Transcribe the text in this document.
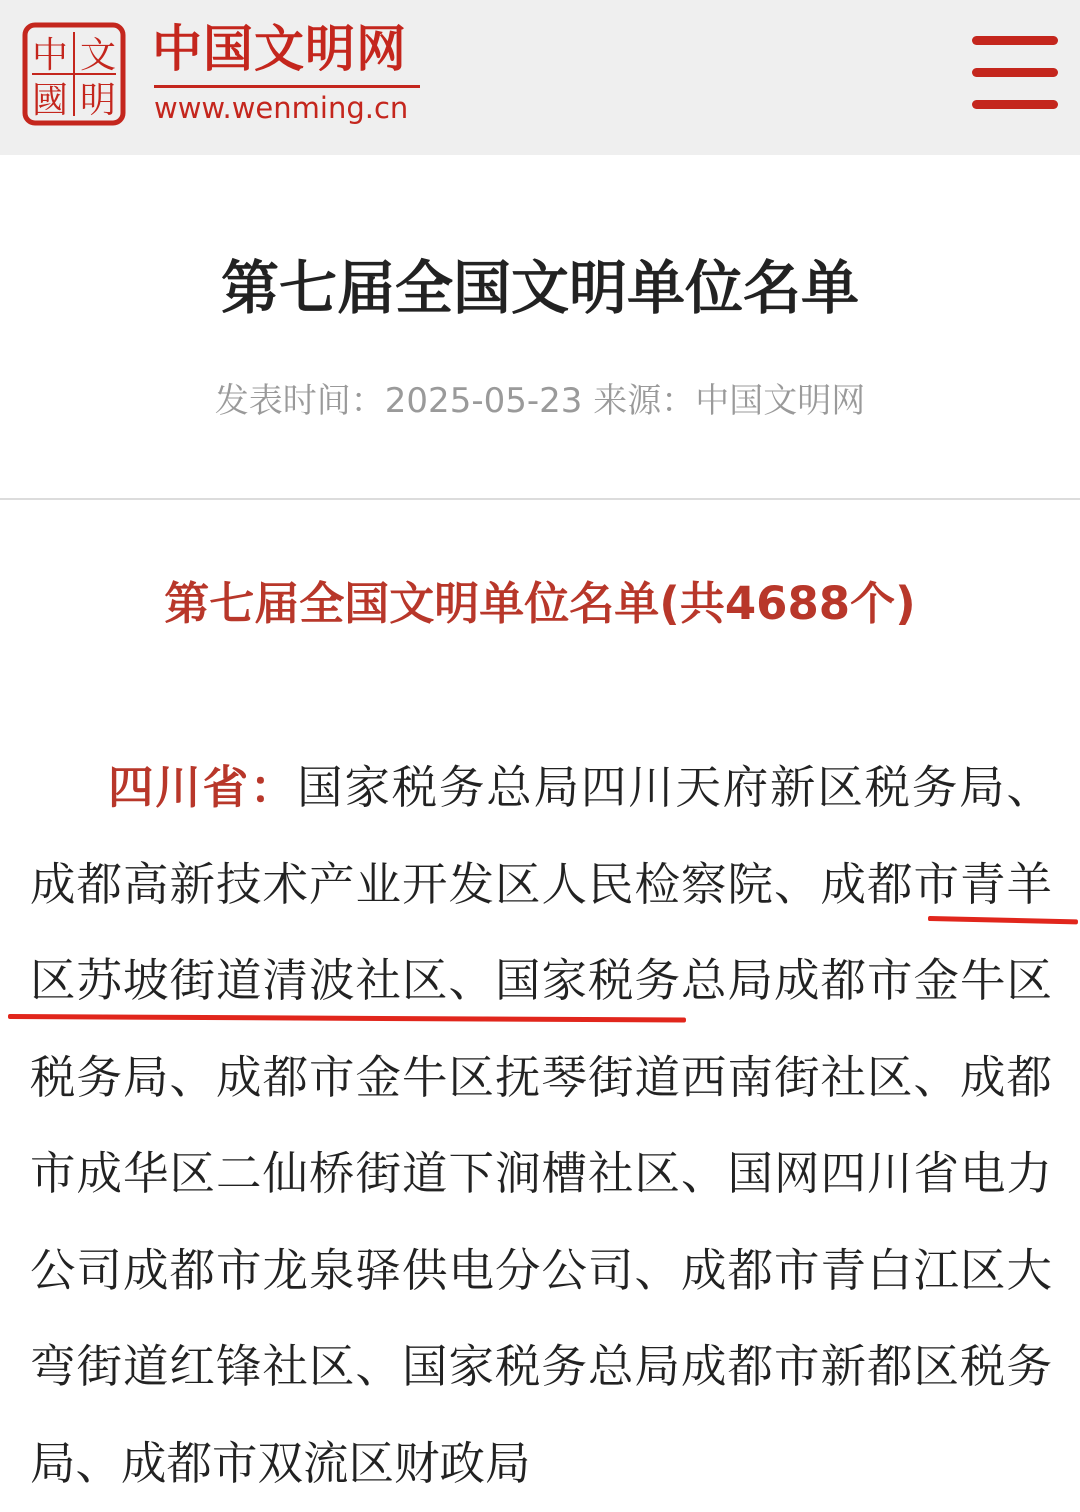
中 文
國 明
中国文明网
www.wenming.cn
第七届全国文明单位名单
发表时间：2025-05-23 来源：中国文明网
第七届全国文明单位名单(共4688个)

四川省：国家税务总局四川天府新区税务局、成都高新技术产业开发区人民检察院、成都市青羊区苏坡街道清波社区、国家税务总局成都市金牛区税务局、成都市金牛区抚琴街道西南街社区、成都市成华区二仙桥街道下涧槽社区、国网四川省电力公司成都市龙泉驿供电分公司、成都市青白江区大弯街道红锋社区、国家税务总局成都市新都区税务局、成都市双流区财政局
